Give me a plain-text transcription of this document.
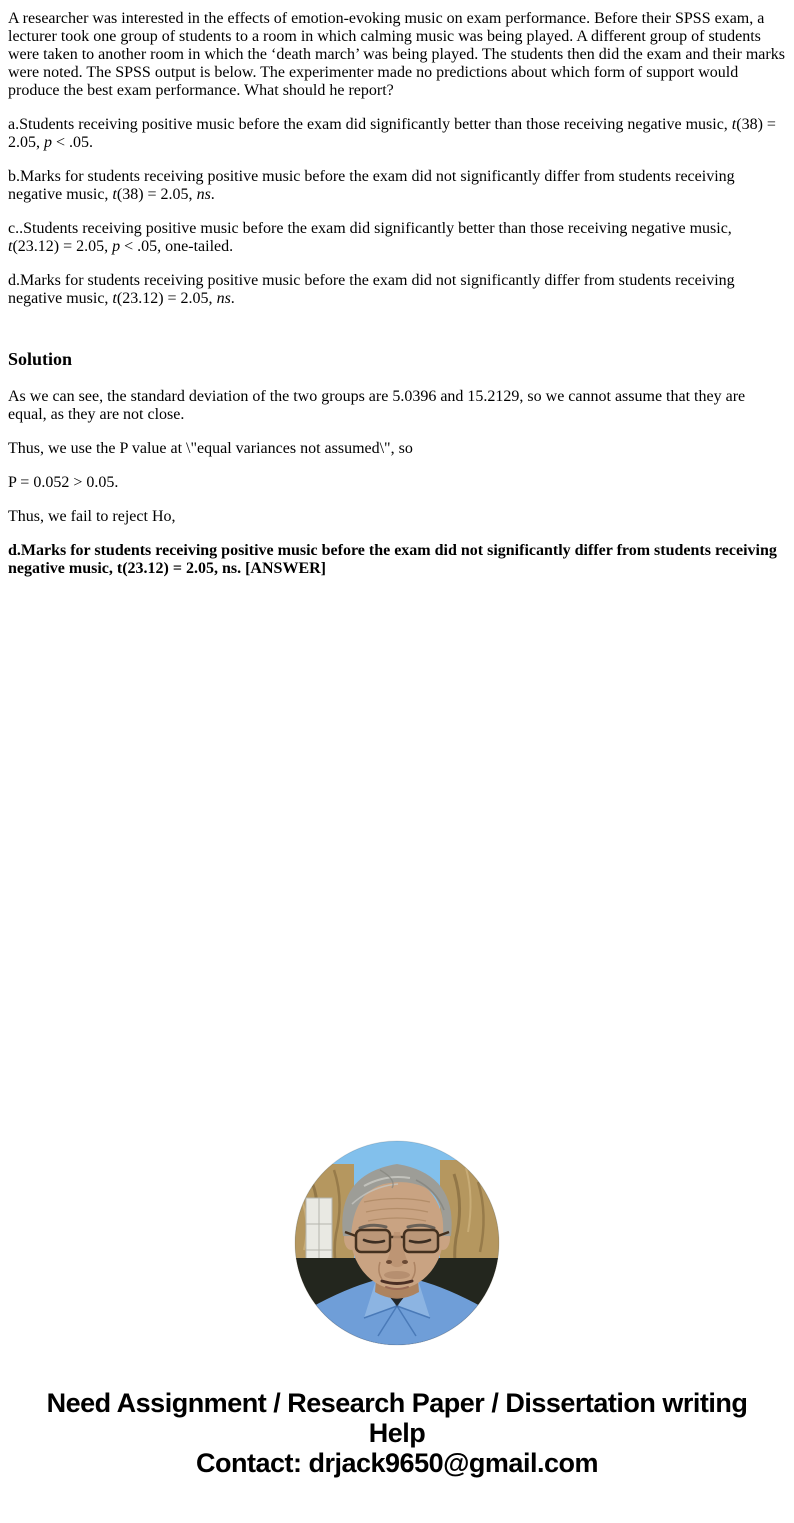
A researcher was interested in the effects of emotion-evoking music on exam performance. Before their SPSS exam, a lecturer took one group of students to a room in which calming music was being played. A different group of students were taken to another room in which the ‘death march’ was being played. The students then did the exam and their marks were noted. The SPSS output is below. The experimenter made no predictions about which form of support would produce the best exam performance. What should he report?

a.Students receiving positive music before the exam did significantly better than those receiving negative music, t(38) = 2.05, p < .05.

b.Marks for students receiving positive music before the exam did not significantly differ from students receiving negative music, t(38) = 2.05, ns.

c..Students receiving positive music before the exam did significantly better than those receiving negative music, t(23.12) = 2.05, p < .05, one-tailed.

d.Marks for students receiving positive music before the exam did not significantly differ from students receiving negative music, t(23.12) = 2.05, ns.

Solution

As we can see, the standard deviation of the two groups are 5.0396 and 15.2129, so we cannot assume that they are equal, as they are not close.

Thus, we use the P value at \"equal variances not assumed\", so

P = 0.052 > 0.05.

Thus, we fail to reject Ho,

d.Marks for students receiving positive music before the exam did not significantly differ from students receiving negative music, t(23.12) = 2.05, ns. [ANSWER]

Need Assignment / Research Paper / Dissertation writing Help
Contact: drjack9650@gmail.com
